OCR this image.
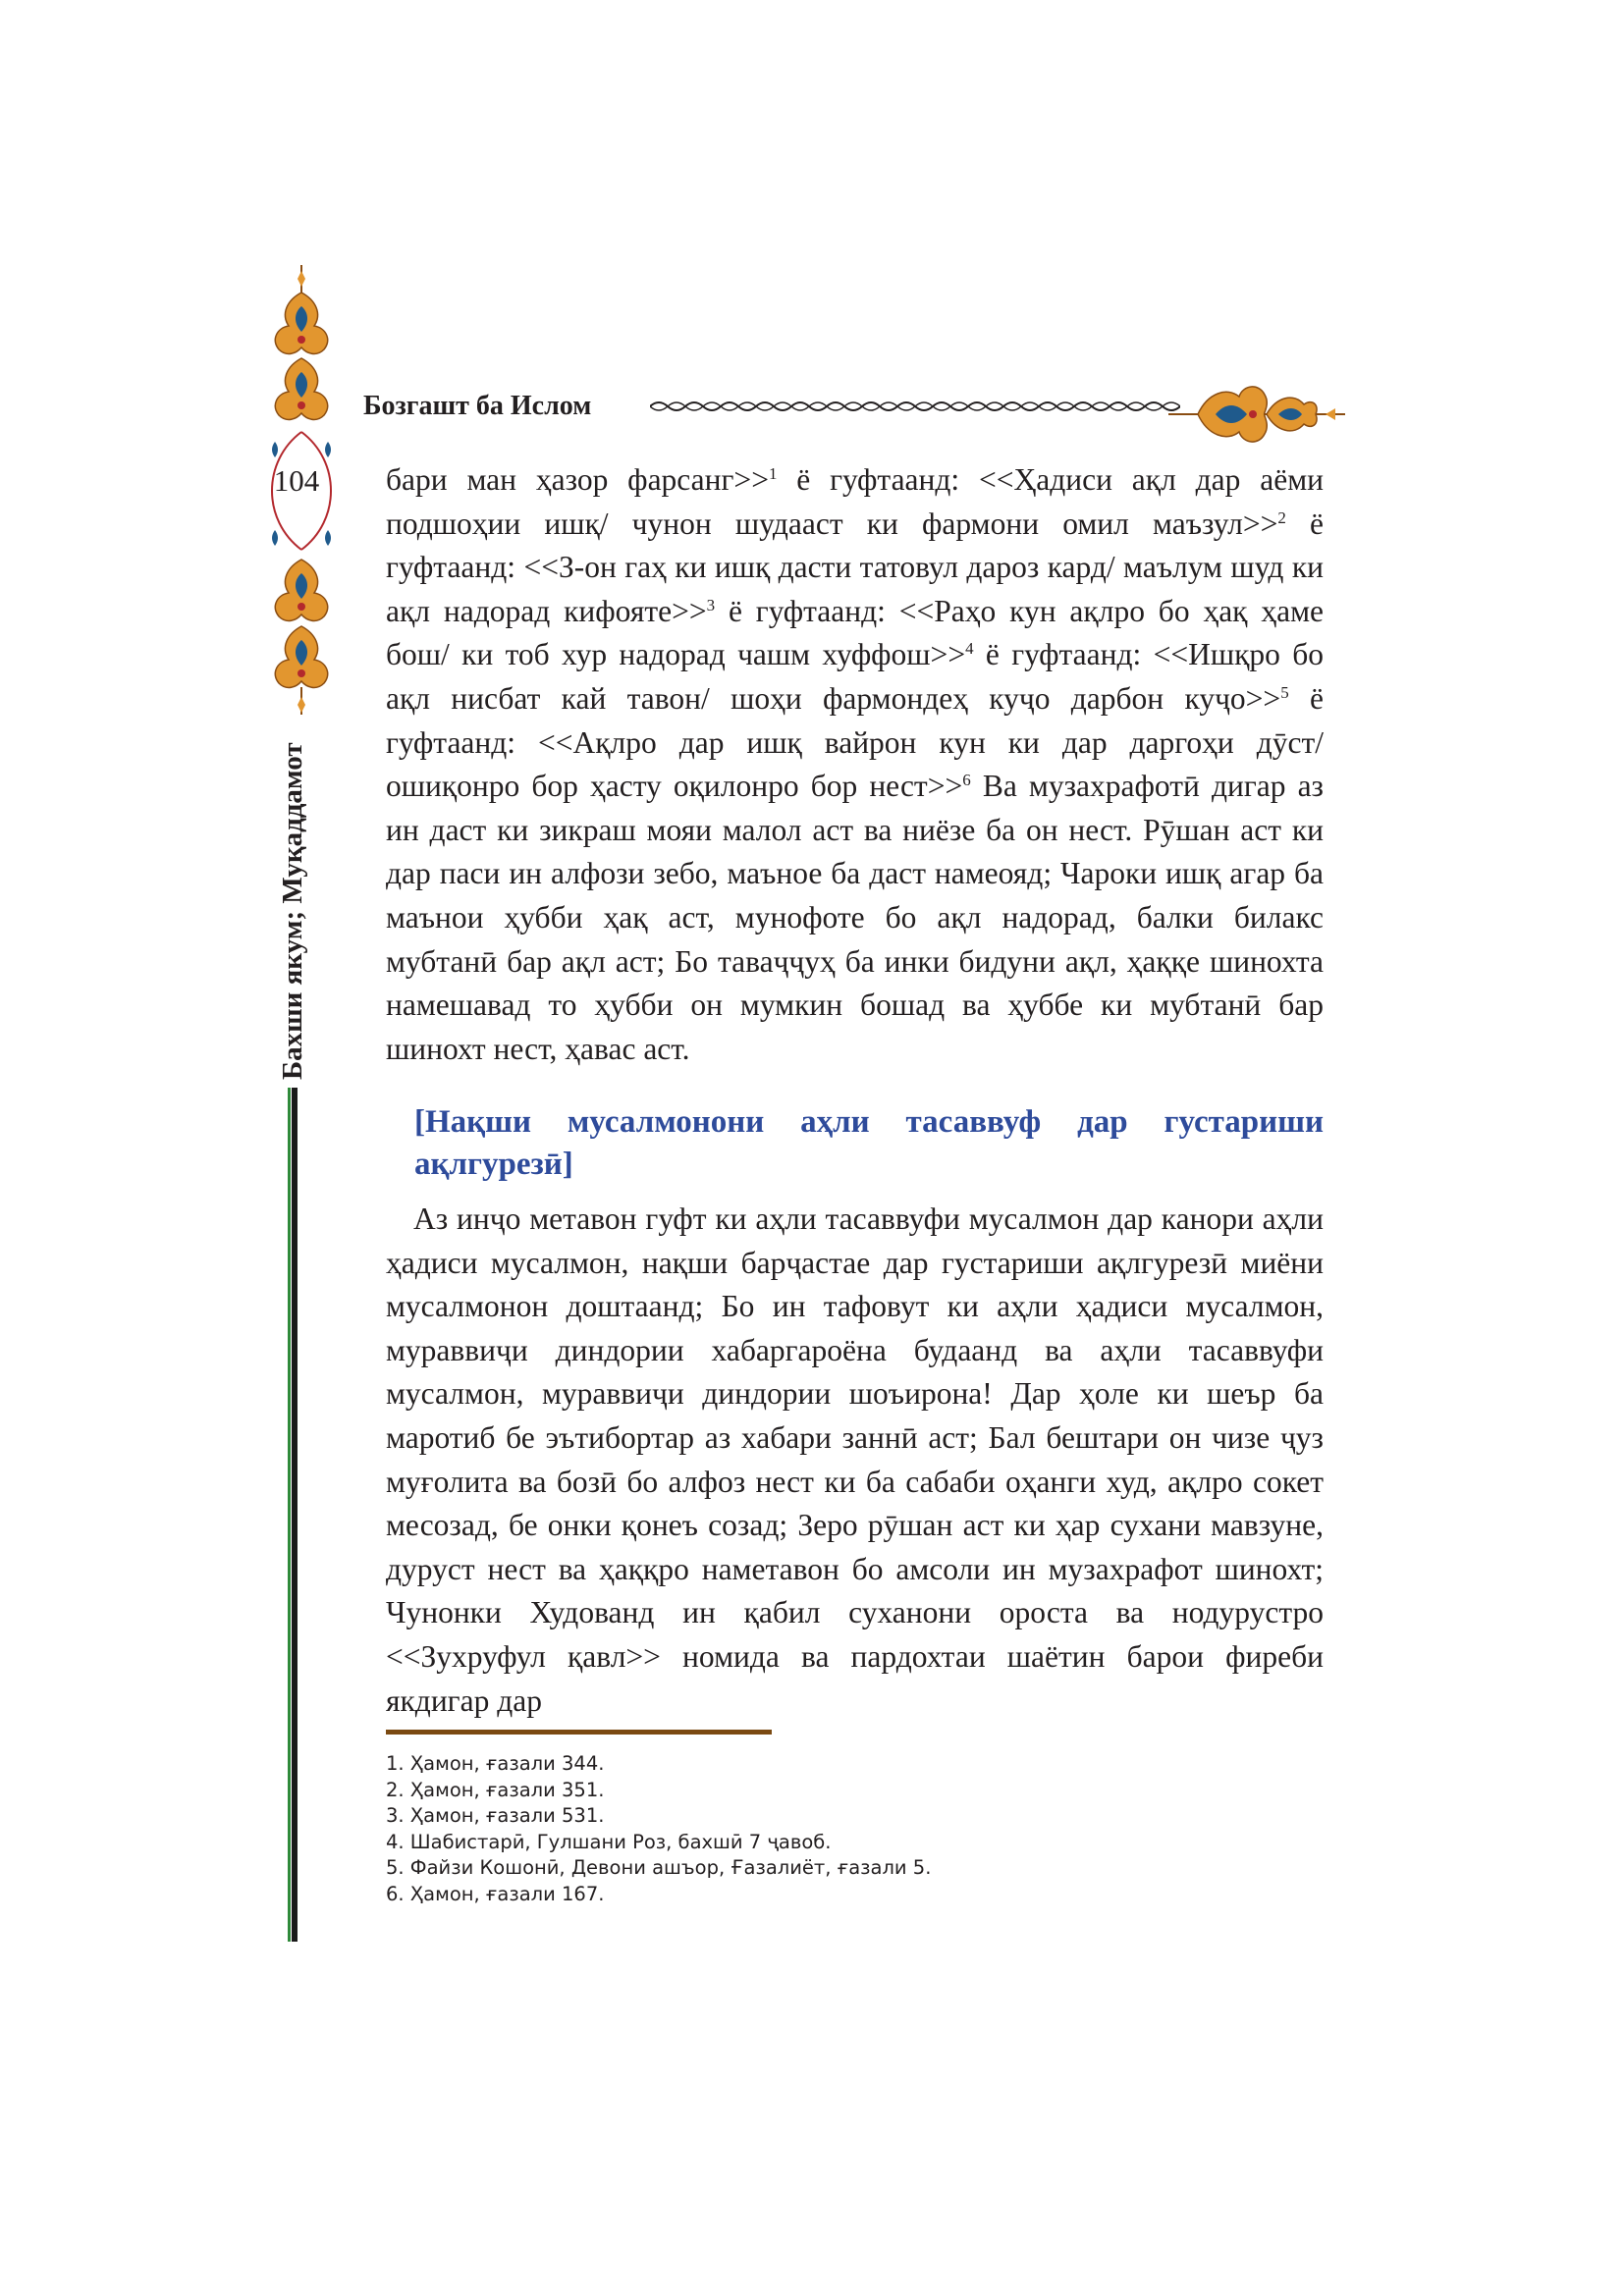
Бозгашт ба Ислом
104
Бахши якум; Муқаддамот
бари ман ҳазор фарсанг>>$^1$ ё гуфтаанд: <<Ҳадиси ақл дар аёми подшоҳии ишқ/ чунон шудааст ки фармони омил маъзул>>$^2$ ё гуфтаанд: <<З-он гаҳ ки ишқ дасти татовул дароз кард/ маълум шуд ки ақл надорад кифояте>>$^3$ ё гуфтаанд: <<Раҳо кун ақлро бо ҳақ ҳаме бош/ ки тоб хур надорад чашм хуффош>>$^4$ ё гуфтаанд: <<Ишқро бо ақл нисбат кай тавон/ шоҳи фармондеҳ куҷо дарбон куҷо>>$^5$ ё гуфтаанд: <<Ақлро дар ишқ вайрон кун ки дар даргоҳи дӯст/ ошиқонро бор ҳасту оқилонро бор нест>>$^6$ Ва музахрафотӣ дигар аз ин даст ки зикраш мояи малол аст ва ниёзе ба он нест. Рӯшан аст ки дар паси ин алфози зебо, маъное ба даст намеояд; Чароки ишқ агар ба маънои ҳубби ҳақ аст, мунофоте бо ақл надорад, балки билакс мубтанӣ бар ақл аст; Бо таваҷҷуҳ ба инки бидуни ақл, ҳаққе шинохта намешавад то ҳубби он мумкин бошад ва ҳуббе ки мубтанӣ бар шинохт нест, ҳавас аст.
[Нақши мусалмонони аҳли тасаввуф дар густариши ақлгурезӣ]
Аз инҷо метавон гуфт ки аҳли тасаввуфи мусалмон дар канори аҳли ҳадиси мусалмон, нақши барҷастае дар густариши ақлгурезӣ миёни мусалмонон доштаанд; Бо ин тафовут ки аҳли ҳадиси мусалмон, мураввиҷи диндории хабаргароёна будаанд ва аҳли тасаввуфи мусалмон, мураввиҷи диндории шоъирона! Дар ҳоле ки шеър ба маротиб бе эътибортар аз хабари заннӣ аст; Бал бештари он чизе ҷуз муғолита ва бозӣ бо алфоз нест ки ба сабаби оҳанги худ, ақлро сокет месозад, бе онки қонеъ созад; Зеро рӯшан аст ки ҳар сухани мавзуне, дуруст нест ва ҳаққро наметавон бо амсоли ин музахрафот шинохт; Чунонки Худованд ин қабил суханони ороста ва нодурустро <<Зухруфул қавл>> номида ва пардохтаи шаётин барои фиреби якдигар дар
1. Ҳамон, ғазали 344.
2. Ҳамон, ғазали 351.
3. Ҳамон, ғазали 531.
4. Шабистарӣ, Гулшани Роз, бахшӣ 7 ҷавоб.
5. Файзи Кошонӣ, Девони ашъор, Ғазалиёт, ғазали 5.
6. Ҳамон, ғазали 167.
